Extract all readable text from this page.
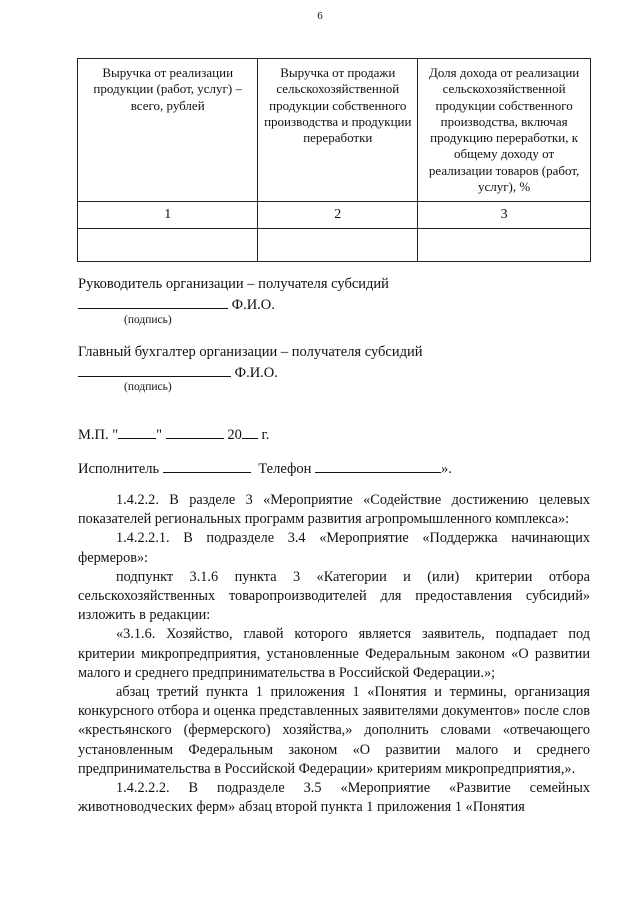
6
Выручка от реализации продукции (работ, услуг) – всего, рублей	Выручка от продажи сельскохозяйственной продукции собственного производства и продукции переработки	Доля дохода от реализации сельскохозяйственной продукции собственного производства, включая продукцию переработки, к общему доходу от реализации товаров (работ, услуг), %
1	2	3

Руководитель организации – получателя субсидий
Ф.И.О.
(подпись)
Главный бухгалтер организации – получателя субсидий
Ф.И.О.
(подпись)
М.П. "	"	20 г.
Исполнитель	Телефон	».

1.4.2.2. В разделе 3 «Мероприятие «Содействие достижению целевых показателей региональных программ развития агропромышленного комплекса»:

1.4.2.2.1. В подразделе 3.4 «Мероприятие «Поддержка начинающих фермеров»:

подпункт 3.1.6 пункта 3 «Категории и (или) критерии отбора сельскохозяйственных товаропроизводителей для предоставления субсидий» изложить в редакции:

«3.1.6. Хозяйство, главой которого является заявитель, подпадает под критерии микропредприятия, установленные Федеральным законом «О развитии малого и среднего предпринимательства в Российской Федерации.»;

абзац третий пункта 1 приложения 1 «Понятия и термины, организация конкурсного отбора и оценка представленных заявителями документов» после слов «крестьянского (фермерского) хозяйства,» дополнить словами «отвечающего установленным Федеральным законом «О развитии малого и среднего предпринимательства в Российской Федерации» критериям микропредприятия,».

1.4.2.2.2. В подразделе 3.5 «Мероприятие «Развитие семейных животноводческих ферм» абзац второй пункта 1 приложения 1 «Понятия
